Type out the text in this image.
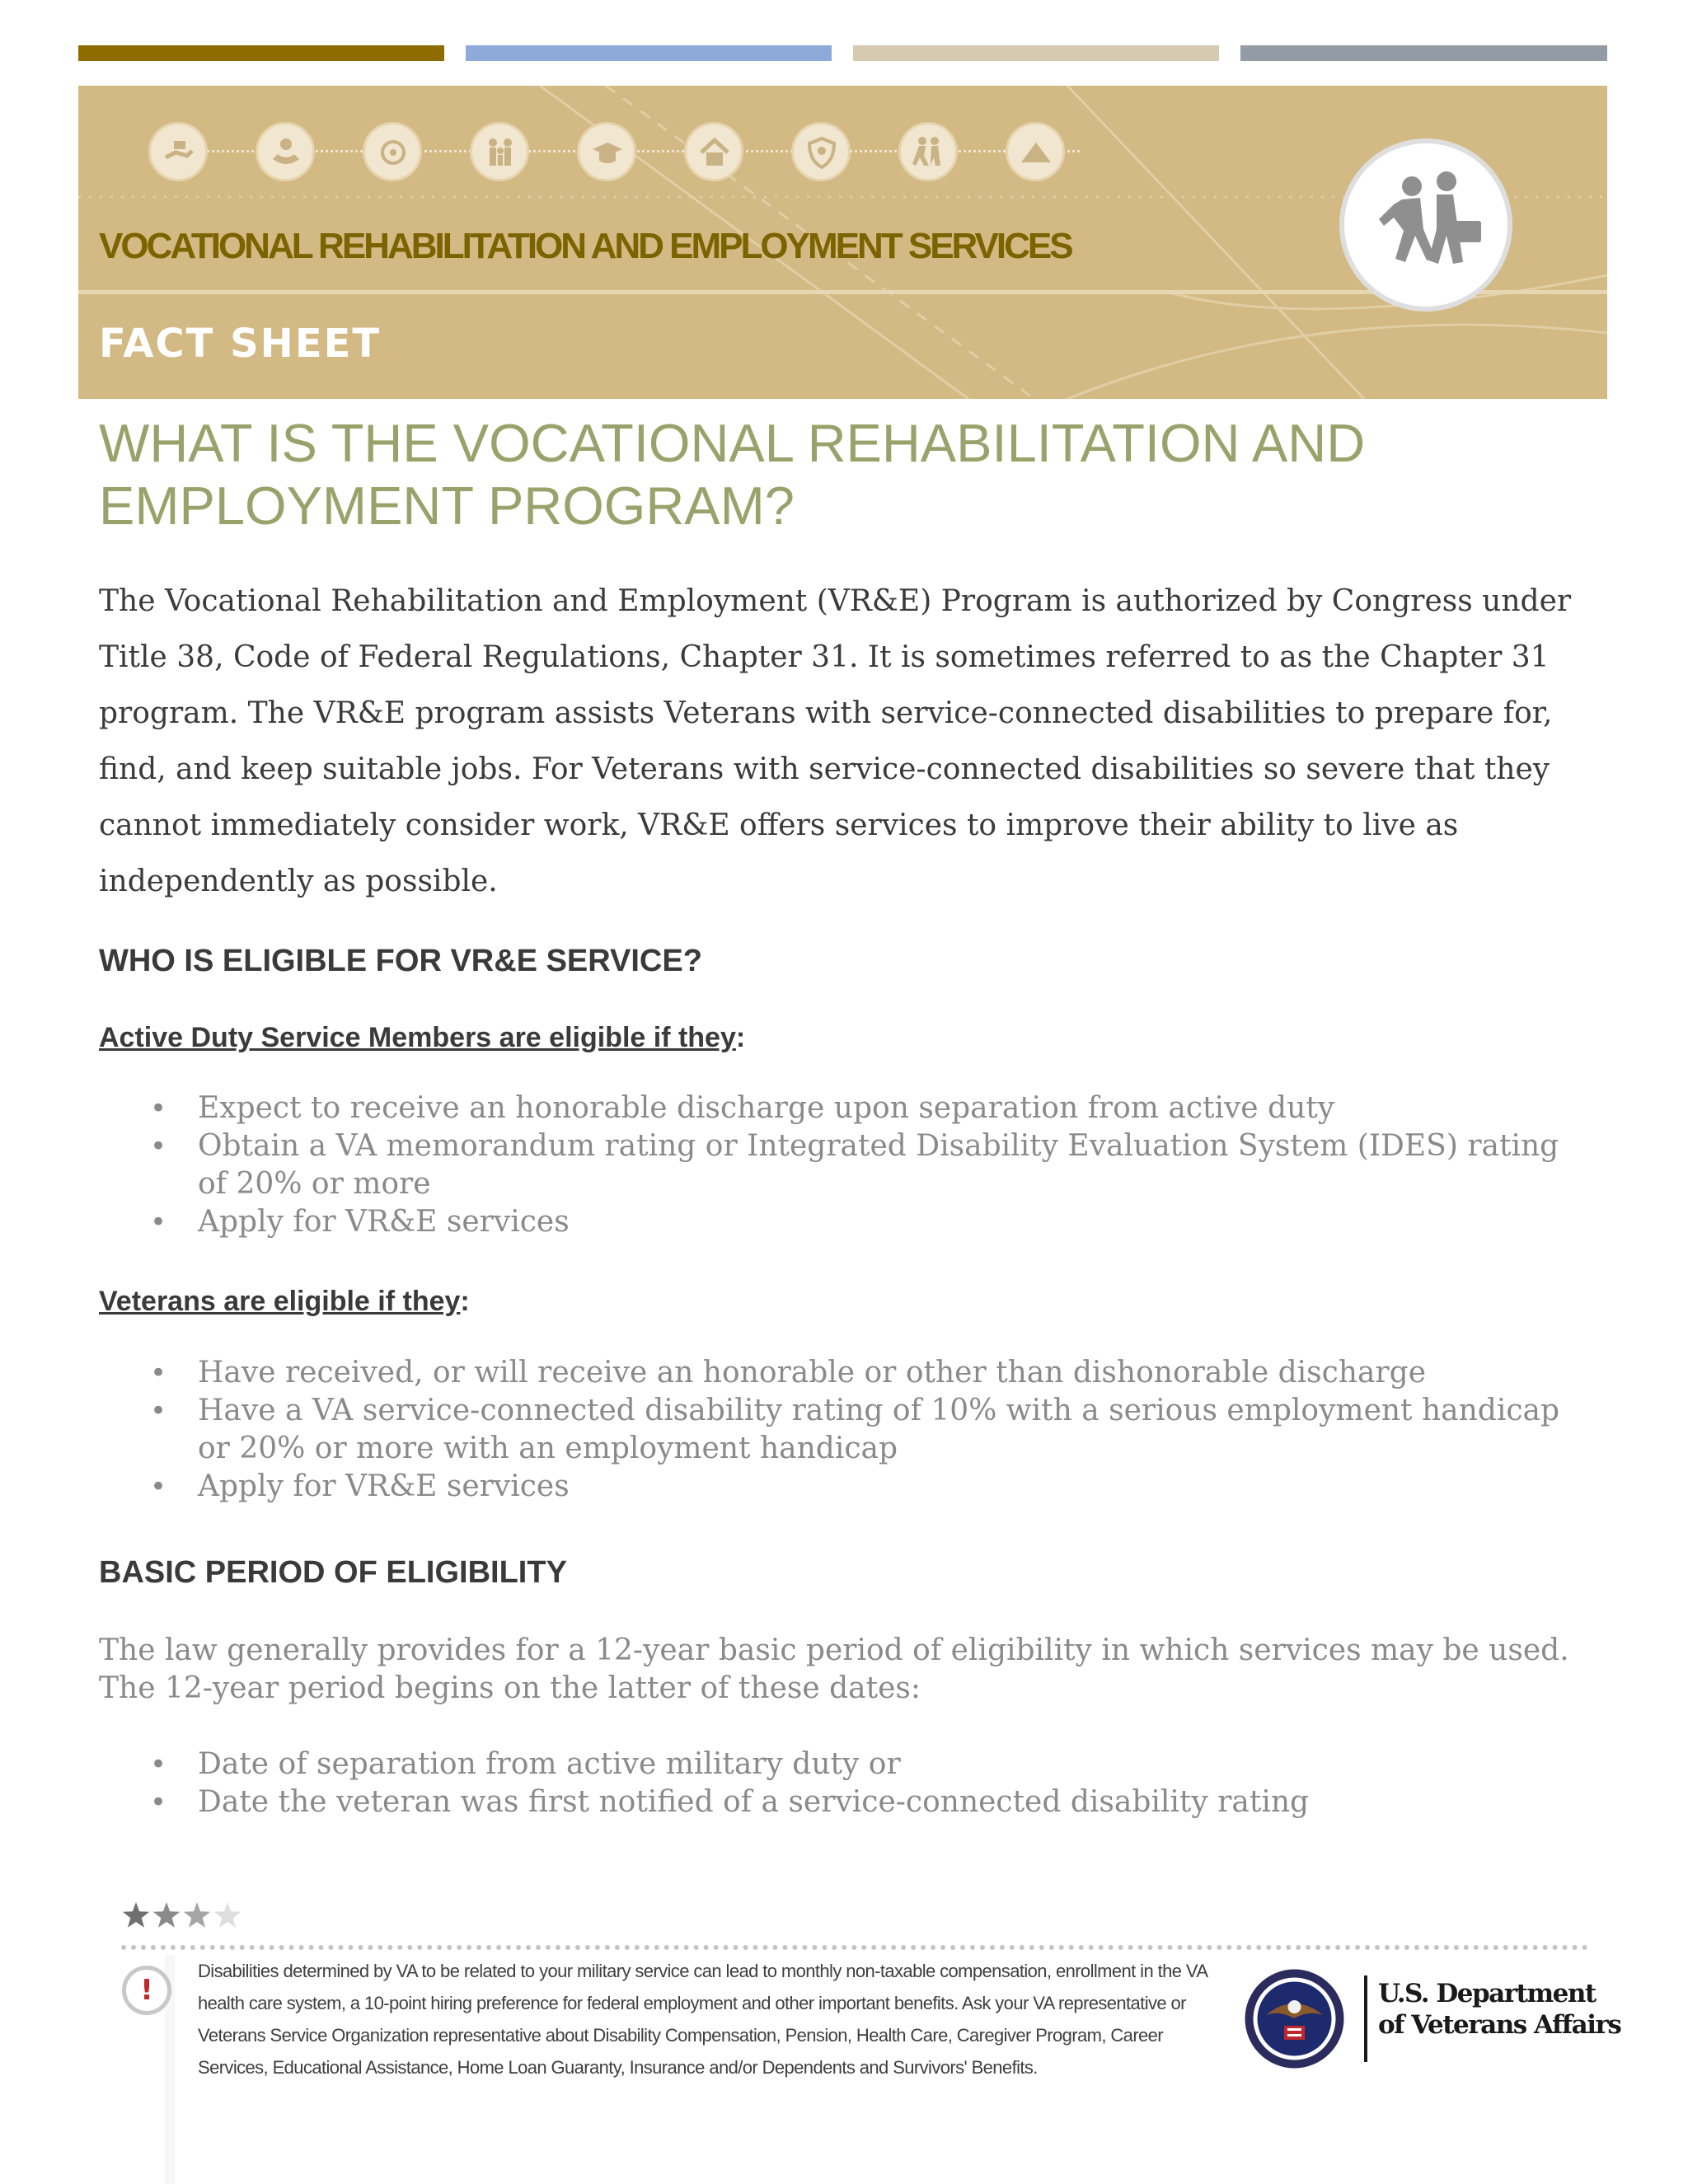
VOCATIONAL REHABILITATION AND EMPLOYMENT SERVICES
FACT SHEET
WHAT IS THE VOCATIONAL REHABILITATION AND EMPLOYMENT PROGRAM?

The Vocational Rehabilitation and Employment (VR&E) Program is authorized by Congress under Title 38, Code of Federal Regulations, Chapter 31. It is sometimes referred to as the Chapter 31 program. The VR&E program assists Veterans with service-connected disabilities to prepare for, find, and keep suitable jobs. For Veterans with service-connected disabilities so severe that they cannot immediately consider work, VR&E offers services to improve their ability to live as independently as possible.

WHO IS ELIGIBLE FOR VR&E SERVICE?

Active Duty Service Members are eligible if they:

• Expect to receive an honorable discharge upon separation from active duty
• Obtain a VA memorandum rating or Integrated Disability Evaluation System (IDES) rating of 20% or more
• Apply for VR&E services

Veterans are eligible if they:

• Have received, or will receive an honorable or other than dishonorable discharge
• Have a VA service-connected disability rating of 10% with a serious employment handicap or 20% or more with an employment handicap
• Apply for VR&E services
BASIC PERIOD OF ELIGIBILITY

The law generally provides for a 12-year basic period of eligibility in which services may be used. The 12-year period begins on the latter of these dates:

• Date of separation from active military duty or
• Date the veteran was first notified of a service-connected disability rating
!

Disabilities determined by VA to be related to your military service can lead to monthly non-taxable compensation, enrollment in the VA health care system, a 10-point hiring preference for federal employment and other important benefits. Ask your VA representative or Veterans Service Organization representative about Disability Compensation, Pension, Health Care, Caregiver Program, Career Services, Educational Assistance, Home Loan Guaranty, Insurance and/or Dependents and Survivors' Benefits.

U.S. Department
of Veterans Affairs
